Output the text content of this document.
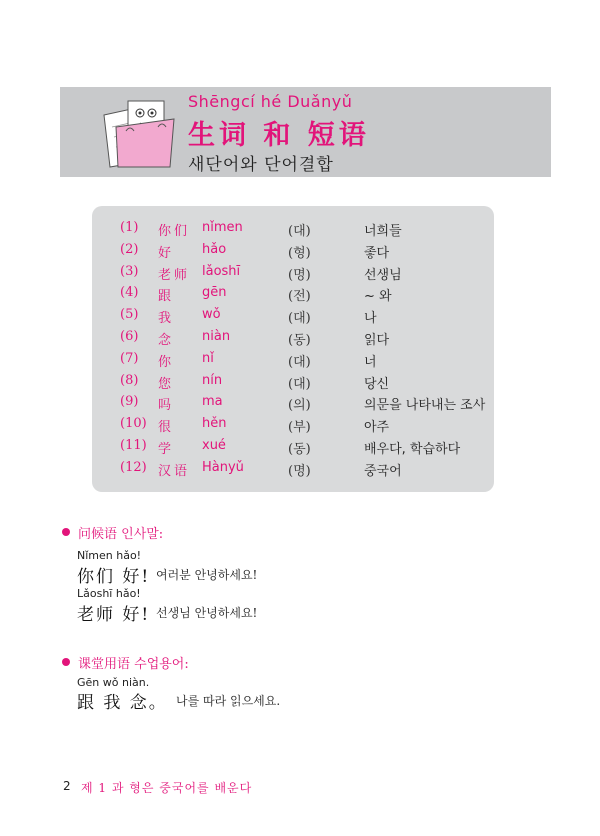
Shēngcí hé Duǎnyǔ
生词 和 短语
새단어와 단어결합
(1) 你们 nǐmen	(대)	너희들
(2) 好 hǎo	(형)	좋다
(3) 老师 lǎoshī	(명)	선생님
(4) 跟 gēn	(전)	~ 와
(5) 我 wǒ	(대)	나
(6) 念 niàn	(동)	읽다
(7) 你 nǐ	(대)	너
(8) 您 nín	(대)	당신
(9) 吗 ma	(의)	의문을 나타내는 조사
(10) 很 hěn	(부)	아주
(11) 学 xué	(동)	배우다, 학습하다
(12) 汉语 Hànyǔ	(명)	중국어
问候语 인사말:
Nǐmen hǎo!
你们 好! 여러분 안녕하세요!
Lǎoshī hǎo!
老师 好! 선생님 안녕하세요!
课堂用语 수업용어:
Gēn wǒ niàn.
跟 我 念。 나를 따라 읽으세요.
2 제 1 과 형은 중국어를 배운다
